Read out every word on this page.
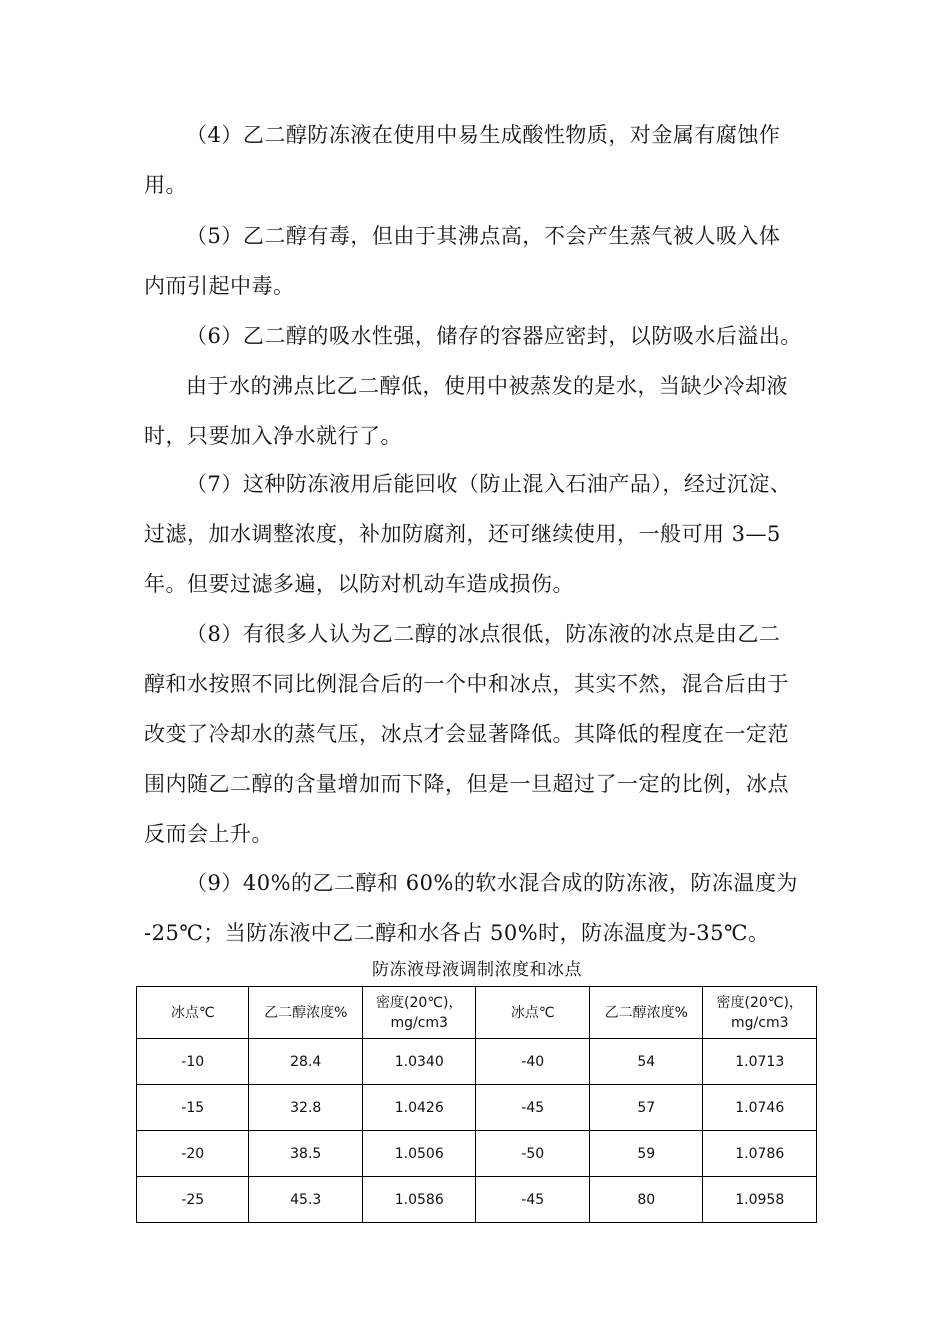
（4）乙二醇防冻液在使用中易生成酸性物质，对金属有腐蚀作
用。
（5）乙二醇有毒，但由于其沸点高，不会产生蒸气被人吸入体
内而引起中毒。
（6）乙二醇的吸水性强，储存的容器应密封，以防吸水后溢出。
由于水的沸点比乙二醇低，使用中被蒸发的是水，当缺少冷却液
时，只要加入净水就行了。
（7）这种防冻液用后能回收（防止混入石油产品），经过沉淀、
过滤，加水调整浓度，补加防腐剂，还可继续使用，一般可用 3—5
年。但要过滤多遍，以防对机动车造成损伤。
（8）有很多人认为乙二醇的冰点很低，防冻液的冰点是由乙二
醇和水按照不同比例混合后的一个中和冰点，其实不然，混合后由于
改变了冷却水的蒸气压，冰点才会显著降低。其降低的程度在一定范
围内随乙二醇的含量增加而下降，但是一旦超过了一定的比例，冰点
反而会上升。
（9）40%的乙二醇和 60%的软水混合成的防冻液，防冻温度为
-25℃；当防冻液中乙二醇和水各占 50%时，防冻温度为-35℃。
防冻液母液调制浓度和冰点
冰点℃	乙二醇浓度%	密度(20℃)，mg/cm3	冰点℃	乙二醇浓度%	密度(20℃)，mg/cm3
-10	28.4	1.0340	-40	54	1.0713
-15	32.8	1.0426	-45	57	1.0746
-20	38.5	1.0506	-50	59	1.0786
-25	45.3	1.0586	-45	80	1.0958
